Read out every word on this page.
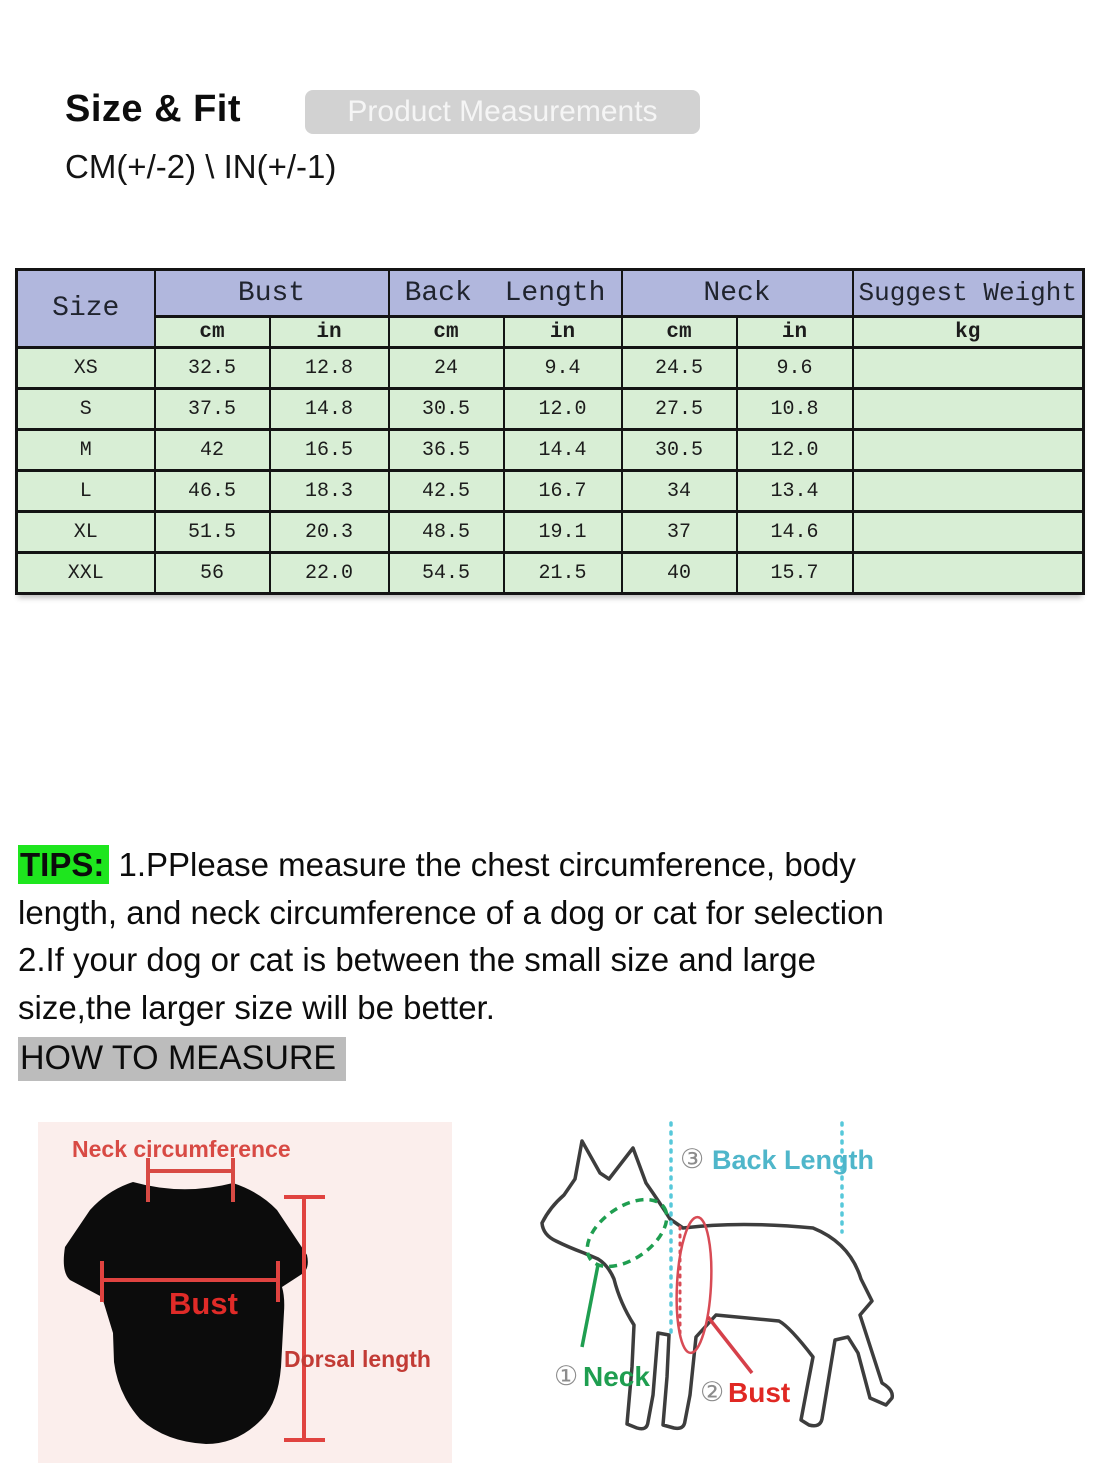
Size & Fit	Product Measurements
CM(+/-2) \ IN(+/-1)
Size	Bust		Back Length		Neck		Suggest Weight
	cm	in	cm	in	cm	in	kg
XS	32.5	12.8	24	9.4	24.5	9.6	
S	37.5	14.8	30.5	12.0	27.5	10.8	
M	42	16.5	36.5	14.4	30.5	12.0	
L	46.5	18.3	42.5	16.7	34	13.4	
XL	51.5	20.3	48.5	19.1	37	14.6	
XXL	56	22.0	54.5	21.5	40	15.7	
TIPS: 1.PPlease measure the chest circumference, body
length, and neck circumference of a dog or cat for selection
2.If your dog or cat is between the small size and large
size,the larger size will be better.
HOW TO MEASURE
Neck circumference
Bust
Dorsal length
③ Back Length
① Neck ② Bust
